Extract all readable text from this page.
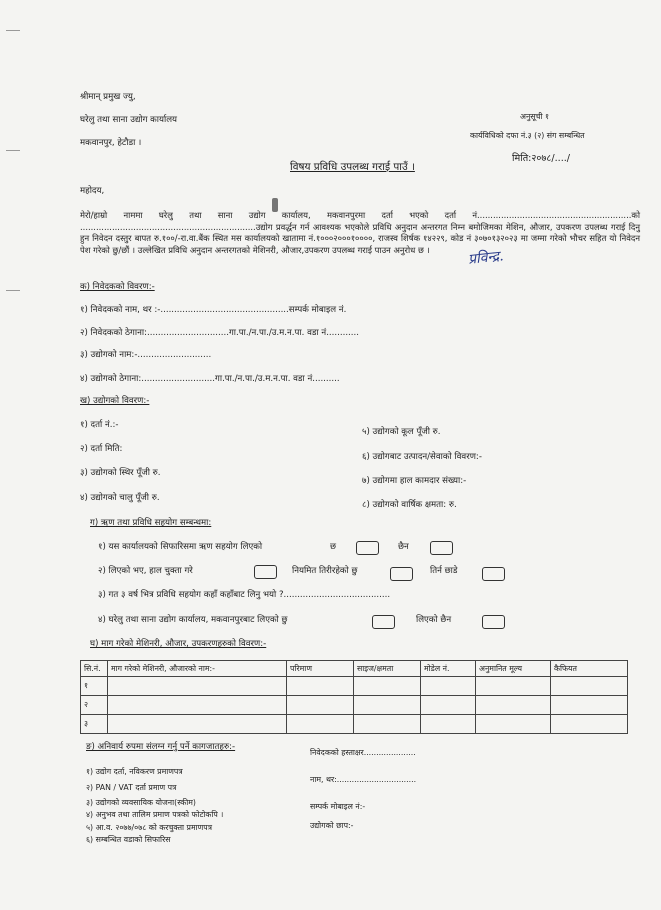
श्रीमान् प्रमुख ज्यु,
घरेलु तथा साना उद्योग कार्यालय
मकवानपुर, हेटौडा ।
अनुसूची १
कार्यविधिको दफा नं.३ (२) संग सम्बन्धित
मिति:२०७८/..../
विषय प्रविधि उपलब्ध गराई पाउँ ।
महोदय,
मेरो/हाम्रो नाममा घरेलु तथा साना उद्योग कार्यालय, मकवानपुरमा दर्ता भएको दर्ता नं..........................................................को ..................................................................उद्योग प्रवर्द्धन गर्न आवश्यक भएकोले प्रविधि अनुदान अन्तरगत निम्न बमोजिमका मेशिन, औजार, उपकरण उपलब्ध गराई दिनु हुन निवेदन दस्तुर बापत रु.१००/-रा.वा.बैंक स्थित मस कार्यालयको खातामा नं.१०००२०००१००००, राजस्व शिर्षक १४२२९, कोड नं ३०७०१३२०२३ मा जम्मा गरेको भौचर सहित यो निवेदन पेश गरेको छु/छौं । उल्लेखित प्रविधि अनुदान अन्तरगतको मेशिनरी, औजार,उपकरण उपलब्ध गराई पाउन अनुरोध छ ।	प्रविन्द्र.
क) निवेदकको विवरण:-
१) निवेदकको नाम, थर :-...............................................सम्पर्क मोबाइल नं.
२) निवेदकको ठेगाना:..............................गा.पा./न.पा./उ.म.न.पा. वडा नं............
३) उद्योगको नाम:-...........................
४) उद्योगको ठेगाना:...........................गा.पा./न.पा./उ.म.न.पा. वडा नं..........
ख) उद्योगको विवरण:-
१) दर्ता नं.:-
२) दर्ता मिति:
३) उद्योगको स्थिर पूँजी रु.
४) उद्योगको चालु पूँजी रु.
५) उद्योगको कूल पूँजी रु.
६) उद्योगबाट उत्पादन/सेवाको विवरण:-
७) उद्योगमा हाल कामदार संख्या:-
८) उद्योगको वार्षिक क्षमता: रु.
ग) ऋण तथा प्रविधि सहयोग सम्बन्धमा:
१) यस कार्यालयको सिफारिसमा ऋण सहयोग लिएको	छ	छैन
२) लिएको भए, हाल चुक्ता गरे	नियमित तिरीरहेको छु	तिर्न छाडे
३) गत ३ वर्ष भित्र प्रविधि सहयोग कहाँ कहाँबाट लिनु भयो ?.......................................
४) घरेलु तथा साना उद्योग कार्यालय, मकवानपुरबाट लिएको छु	लिएको छैन
घ) माग गरेको मेशिनरी, औजार, उपकरणहरुको विवरण:-
सि.नं.	माग गरेको मेशिनरी, औजारको नाम:-	परिमाण	साइज/क्षमता	मोडेल नं.	अनुमानित मूल्य	कैफियत
१						
२						
३						
ङ) अनिवार्य रुपमा संलग्न गर्नु पर्ने कागजातहरु:-
१) उद्योग दर्ता, नविकरण प्रमाणपत्र
२) PAN / VAT दर्ता प्रमाण पत्र
३) उद्योगको व्यवसायिक योजना(स्कीम)
४) अनुभव तथा तालिम प्रमाण पत्रको फोटोकपि ।
५) आ.व. २०७७/०७८ को करचुक्ता प्रमाणपत्र
६) सम्बन्धित वडाको सिफारिस
निवेदकको हस्ताक्षर.....................
नाम, थर:................................
सम्पर्क मोबाइल नं:-
उद्योगको छाप:-
